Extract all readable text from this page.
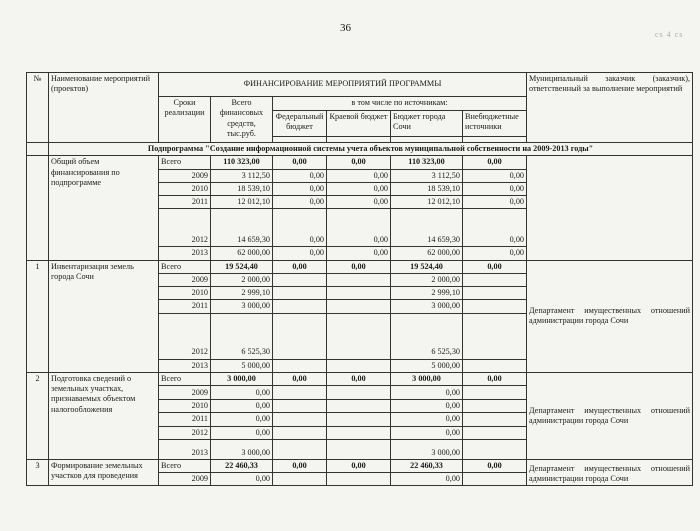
36
cs 4 cs
№	Наименование мероприятий (проектов)	ФИНАНСИРОВАНИЕ МЕРОПРИЯТИЙ ПРОГРАММЫ						Муниципальный заказчик (заказчик), ответственный за выполнение мероприятий
		Сроки реализации	Всего финансовых средств, тыс.руб.	в том числе по источникам:				
				Федеральный бюджет	Краевой бюджет	Бюджет города Сочи	Внебюджетные источники	

	Подпрограмма "Создание информационной системы учета объектов муниципальной собственности на 2009-2013 годы"							
	Общий объем финансирования по подпрограмме	Всего	110 323,00	0,00	0,00	110 323,00	0,00	
		2009	3 112,50	0,00	0,00	3 112,50	0,00	
		2010	18 539,10	0,00	0,00	18 539,10	0,00	
		2011	12 012,10	0,00	0,00	12 012,10	0,00	
		2012	14 659,30	0,00	0,00	14 659,30	0,00	
		2013	62 000,00	0,00	0,00	62 000,00	0,00	
1	Инвентаризация земель города Сочи	Всего	19 524,40	0,00	0,00	19 524,40	0,00	Департамент имущественных отношений администрации города Сочи
		2009	2 000,00			2 000,00		
		2010	2 999,10			2 999,10		
		2011	3 000,00			3 000,00		
		2012	6 525,30			6 525,30		
		2013	5 000,00			5 000,00		
2	Подготовка сведений о земельных участках, признаваемых объектом налогообложения	Всего	3 000,00	0,00	0,00	3 000,00	0,00	Департамент имущественных отношений администрации города Сочи
		2009	0,00			0,00		
		2010	0,00			0,00		
		2011	0,00			0,00		
		2012	0,00			0,00		
		2013	3 000,00			3 000,00		
3	Формирование земельных участков для проведения	Всего	22 460,33	0,00	0,00	22 460,33	0,00	Департамент имущественных отношений администрации города Сочи
		2009	0,00			0,00		
